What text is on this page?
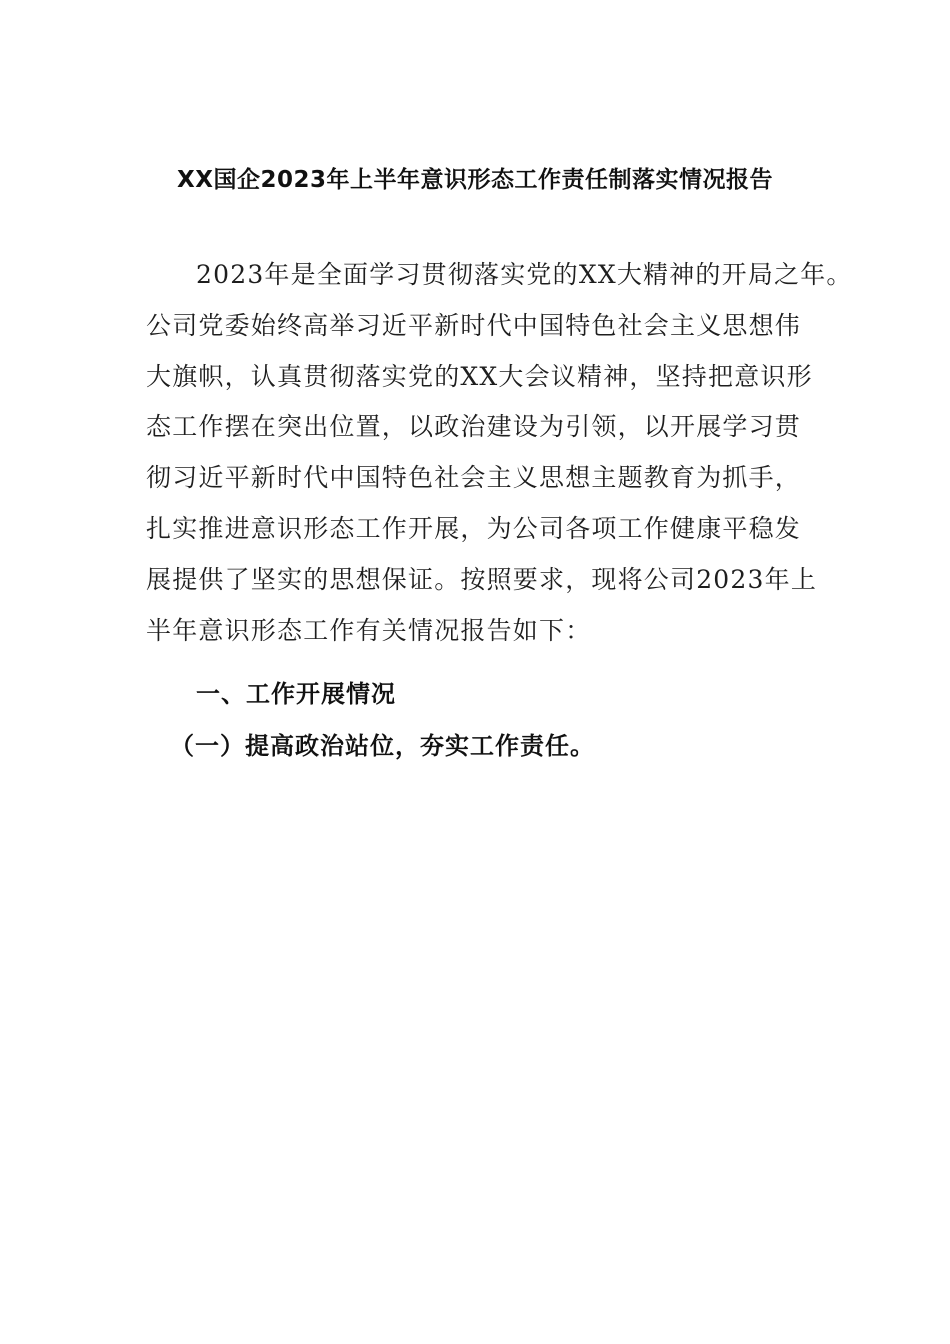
XX国企2023年上半年意识形态工作责任制落实情况报告
2023年是全面学习贯彻落实党的XX大精神的开局之年。
公司党委始终高举习近平新时代中国特色社会主义思想伟
大旗帜，认真贯彻落实党的XX大会议精神，坚持把意识形
态工作摆在突出位置，以政治建设为引领，以开展学习贯
彻习近平新时代中国特色社会主义思想主题教育为抓手，
扎实推进意识形态工作开展，为公司各项工作健康平稳发
展提供了坚实的思想保证。按照要求，现将公司2023年上
半年意识形态工作有关情况报告如下：
一、工作开展情况
（一）提高政治站位，夯实工作责任。
